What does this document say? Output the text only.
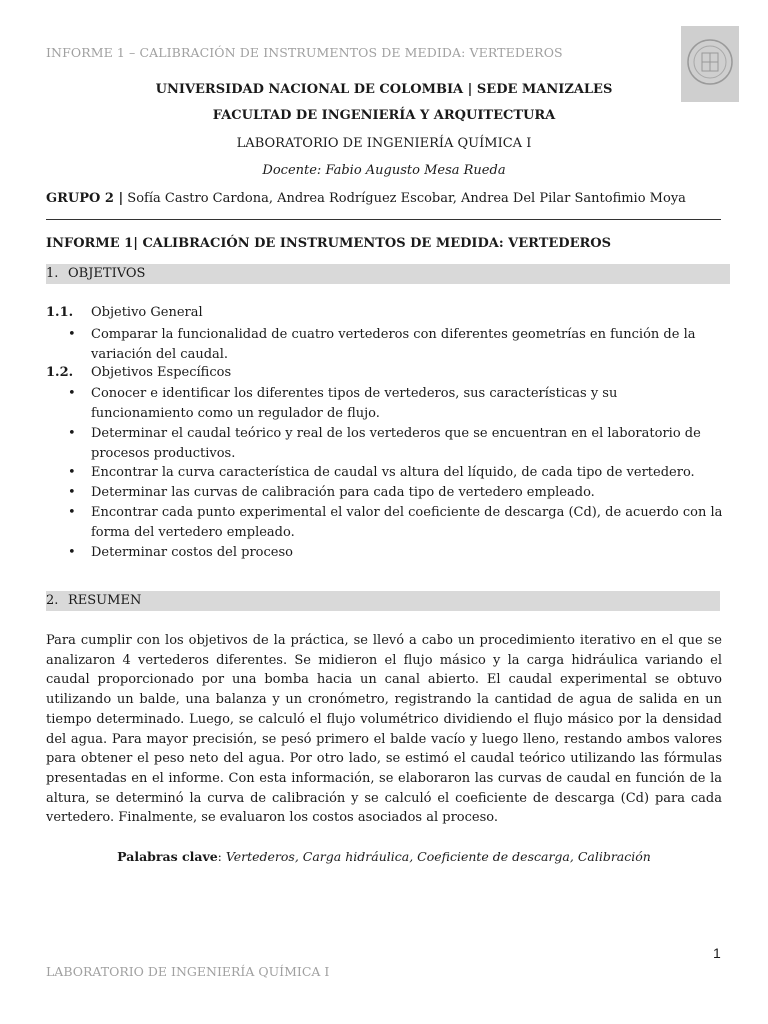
INFORME 1 – CALIBRACIÓN DE INSTRUMENTOS DE MEDIDA: VERTEDEROS
UNIVERSIDAD NACIONAL DE COLOMBIA | SEDE MANIZALES
FACULTAD DE INGENIERÍA Y ARQUITECTURA
LABORATORIO DE INGENIERÍA QUÍMICA I
Docente: Fabio Augusto Mesa Rueda
GRUPO 2 | Sofía Castro Cardona, Andrea Rodríguez Escobar, Andrea Del Pilar Santofimio Moya
INFORME 1| CALIBRACIÓN DE INSTRUMENTOS DE MEDIDA: VERTEDEROS
1. OBJETIVOS
1.1. Objetivo General
• Comparar la funcionalidad de cuatro vertederos con diferentes geometrías en función de la variación del caudal.
1.2. Objetivos Específicos
• Conocer e identificar los diferentes tipos de vertederos, sus características y su funcionamiento como un regulador de flujo.
• Determinar el caudal teórico y real de los vertederos que se encuentran en el laboratorio de procesos productivos.
• Encontrar la curva característica de caudal vs altura del líquido, de cada tipo de vertedero.
• Determinar las curvas de calibración para cada tipo de vertedero empleado.
• Encontrar cada punto experimental el valor del coeficiente de descarga (Cd), de acuerdo con la forma del vertedero empleado.
• Determinar costos del proceso
2. RESUMEN
Para cumplir con los objetivos de la práctica, se llevó a cabo un procedimiento iterativo en el que se analizaron 4 vertederos diferentes. Se midieron el flujo másico y la carga hidráulica variando el caudal proporcionado por una bomba hacia un canal abierto. El caudal experimental se obtuvo utilizando un balde, una balanza y un cronómetro, registrando la cantidad de agua de salida en un tiempo determinado. Luego, se calculó el flujo volumétrico dividiendo el flujo másico por la densidad del agua. Para mayor precisión, se pesó primero el balde vacío y luego lleno, restando ambos valores para obtener el peso neto del agua. Por otro lado, se estimó el caudal teórico utilizando las fórmulas presentadas en el informe. Con esta información, se elaboraron las curvas de caudal en función de la altura, se determinó la curva de calibración y se calculó el coeficiente de descarga (Cd) para cada vertedero. Finalmente, se evaluaron los costos asociados al proceso.
Palabras clave: Vertederos, Carga hidráulica, Coeficiente de descarga, Calibración
1
LABORATORIO DE INGENIERÍA QUÍMICA I
